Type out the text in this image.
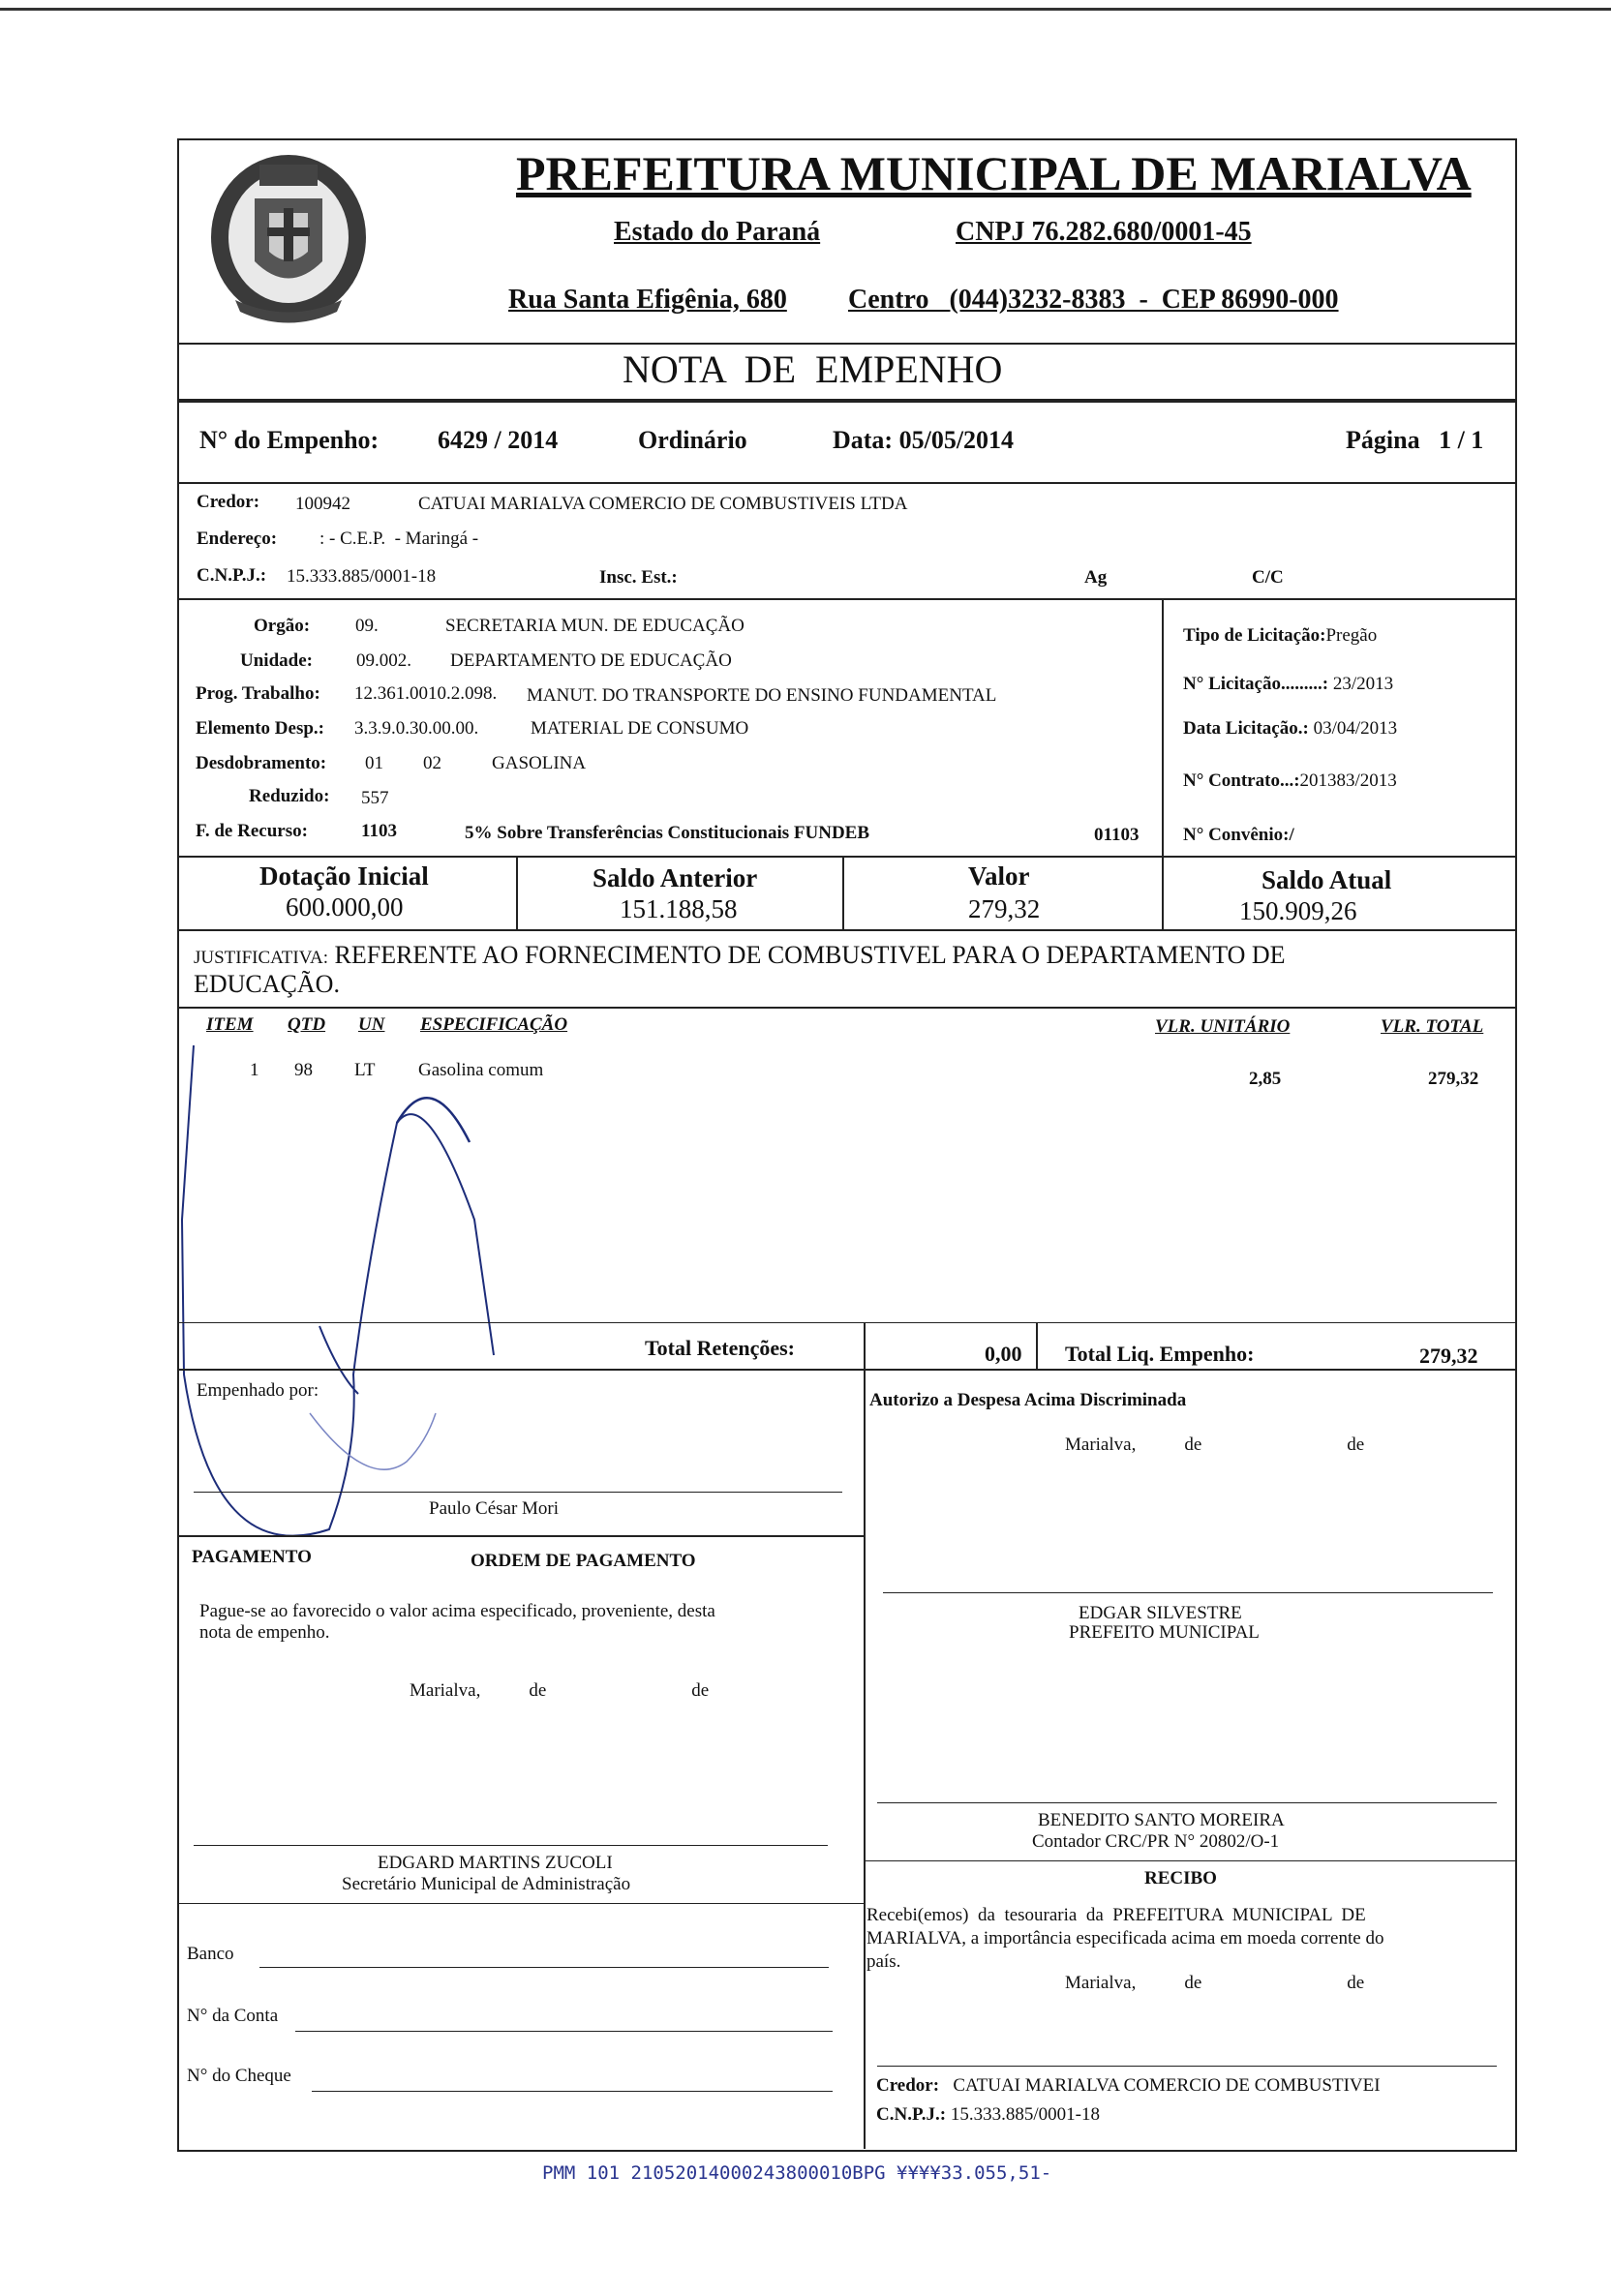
PREFEITURA MUNICIPAL DE MARIALVA
Estado do Paraná	CNPJ 76.282.680/0001-45
Rua Santa Efigênia, 680 Centro   (044)3232-8383  -  CEP 86990-000
NOTA  DE  EMPENHO
N° do Empenho: 6429 / 2014	Ordinário	Data: 05/05/2014	Página   1 / 1
Credor: 100942	CATUAI MARIALVA COMERCIO DE COMBUSTIVEIS LTDA
Endereço: : - C.E.P.  - Maringá -
C.N.P.J.: 15.333.885/0001-18	Insc. Est.:	Ag	C/C
Orgão: 09.	SECRETARIA MUN. DE EDUCAÇÃO
Unidade: 09.002. DEPARTAMENTO DE EDUCAÇÃO
Prog. Trabalho: 12.361.0010.2.098. MANUT. DO TRANSPORTE DO ENSINO FUNDAMENTAL
Elemento Desp.: 3.3.9.0.30.00.00.	MATERIAL DE CONSUMO
Desdobramento: 01 02	GASOLINA
Reduzido: 557
F. de Recurso:	1103	5% Sobre Transferências Constitucionais FUNDEB	01103
Tipo de Licitação:Pregão
N° Licitação.........: 23/2013
Data Licitação.: 03/04/2013
N° Contrato...:201383/2013
N° Convênio:/
Dotação Inicial
600.000,00
Saldo Anterior
151.188,58
Valor
279,32
Saldo Atual
150.909,26
JUSTIFICATIVA: REFERENTE AO FORNECIMENTO DE COMBUSTIVEL PARA O DEPARTAMENTO DE
EDUCAÇÃO.
ITEM QTD UN ESPECIFICAÇÃO	VLR. UNITÁRIO	VLR. TOTAL
1 98 LT Gasolina comum	2,85	279,32
Total Retenções:	0,00 Total Liq. Empenho:	279,32
Empenhado por:
Paulo César Mori
Autorizo a Despesa Acima Discriminada
Marialva,	de	de
EDGAR SILVESTRE
PREFEITO MUNICIPAL
PAGAMENTO	ORDEM DE PAGAMENTO
Pague-se ao favorecido o valor acima especificado, proveniente, desta
nota de empenho.
Marialva,	de	de
EDGARD MARTINS ZUCOLI
Secretário Municipal de Administração
Banco
N° da Conta
N° do Cheque
BENEDITO SANTO MOREIRA
Contador CRC/PR N° 20802/O-1
RECIBO
Recebi(emos)  da  tesouraria  da  PREFEITURA  MUNICIPAL  DE
MARIALVA, a importância especificada acima em moeda corrente do
país.
Marialva,	de	de
Credor: CATUAI MARIALVA COMERCIO DE COMBUSTIVEI
C.N.P.J.: 15.333.885/0001-18
PMM 101 21052014000243800010BPG ¥¥¥¥33.055,51-
